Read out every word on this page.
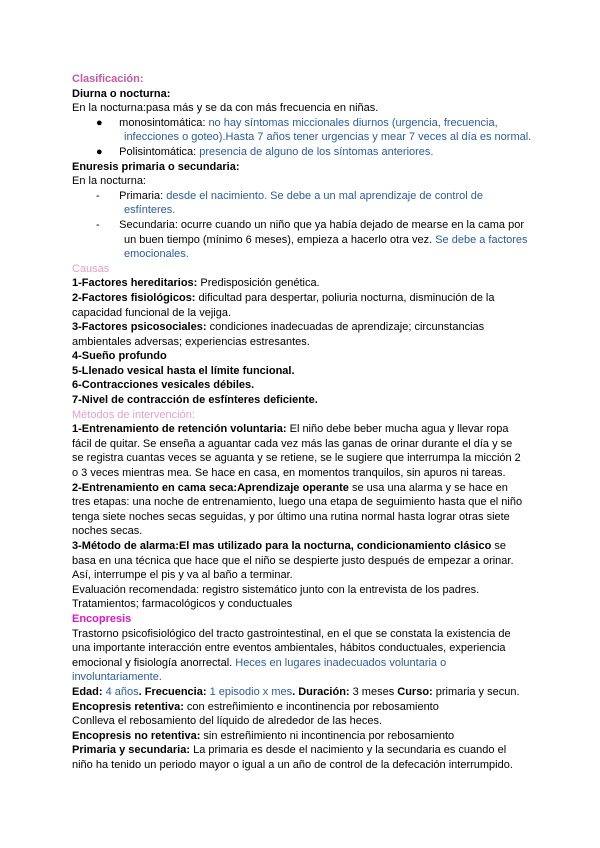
Clasificación:
Diurna o nocturna:
En la nocturna:pasa más y se da con más frecuencia en niñas.
● monosintomática: no hay síntomas miccionales diurnos (urgencia, frecuencia,
infecciones o goteo).Hasta 7 años tener urgencias y mear 7 veces al día es normal.
● Polisintomática: presencia de alguno de los síntomas anteriores.
Enuresis primaria o secundaria:
En la nocturna:
- Primaria: desde el nacimiento. Se debe a un mal aprendizaje de control de
esfínteres.
- Secundaria: ocurre cuando un niño que ya había dejado de mearse en la cama por
un buen tiempo (mínimo 6 meses), empieza a hacerlo otra vez. Se debe a factores
emocionales.
Causas
1-Factores hereditarios: Predisposición genética.
2-Factores fisiológicos: dificultad para despertar, poliuria nocturna, disminución de la
capacidad funcional de la vejiga.
3-Factores psicosociales: condiciones inadecuadas de aprendizaje; circunstancias
ambientales adversas; experiencias estresantes.
4-Sueño profundo
5-Llenado vesical hasta el límite funcional.
6-Contracciones vesicales débiles.
7-Nivel de contracción de esfínteres deficiente.
Métodos de intervención:
1-Entrenamiento de retención voluntaria: El niño debe beber mucha agua y llevar ropa
fácil de quitar. Se enseña a aguantar cada vez más las ganas de orinar durante el día y se
se registra cuantas veces se aguanta y se retiene, se le sugiere que interrumpa la micción 2
o 3 veces mientras mea. Se hace en casa, en momentos tranquilos, sin apuros ni tareas.
2-Entrenamiento en cama seca:Aprendizaje operante se usa una alarma y se hace en
tres etapas: una noche de entrenamiento, luego una etapa de seguimiento hasta que el niño
tenga siete noches secas seguidas, y por último una rutina normal hasta lograr otras siete
noches secas.
3-Método de alarma:El mas utilizado para la nocturna, condicionamiento clásico se
basa en una técnica que hace que el niño se despierte justo después de empezar a orinar.
Así, interrumpe el pis y va al baño a terminar.
Evaluación recomendada: registro sistemático junto con la entrevista de los padres.
Tratamientos; farmacológicos y conductuales
Encopresis
Trastorno psicofisiológico del tracto gastrointestinal, en el que se constata la existencia de
una importante interacción entre eventos ambientales, hábitos conductuales, experiencia
emocional y fisiología anorrectal. Heces en lugares inadecuados voluntaria o
involuntariamente.
Edad: 4 años. Frecuencia: 1 episodio x mes. Duración: 3 meses Curso: primaria y secun.
Encopresis retentiva: con estreñimiento e incontinencia por rebosamiento
Conlleva el rebosamiento del líquido de alrededor de las heces.
Encopresis no retentiva: sin estreñimiento ni incontinencia por rebosamiento
Primaria y secundaria: La primaria es desde el nacimiento y la secundaria es cuando el
niño ha tenido un periodo mayor o igual a un año de control de la defecación interrumpido.
